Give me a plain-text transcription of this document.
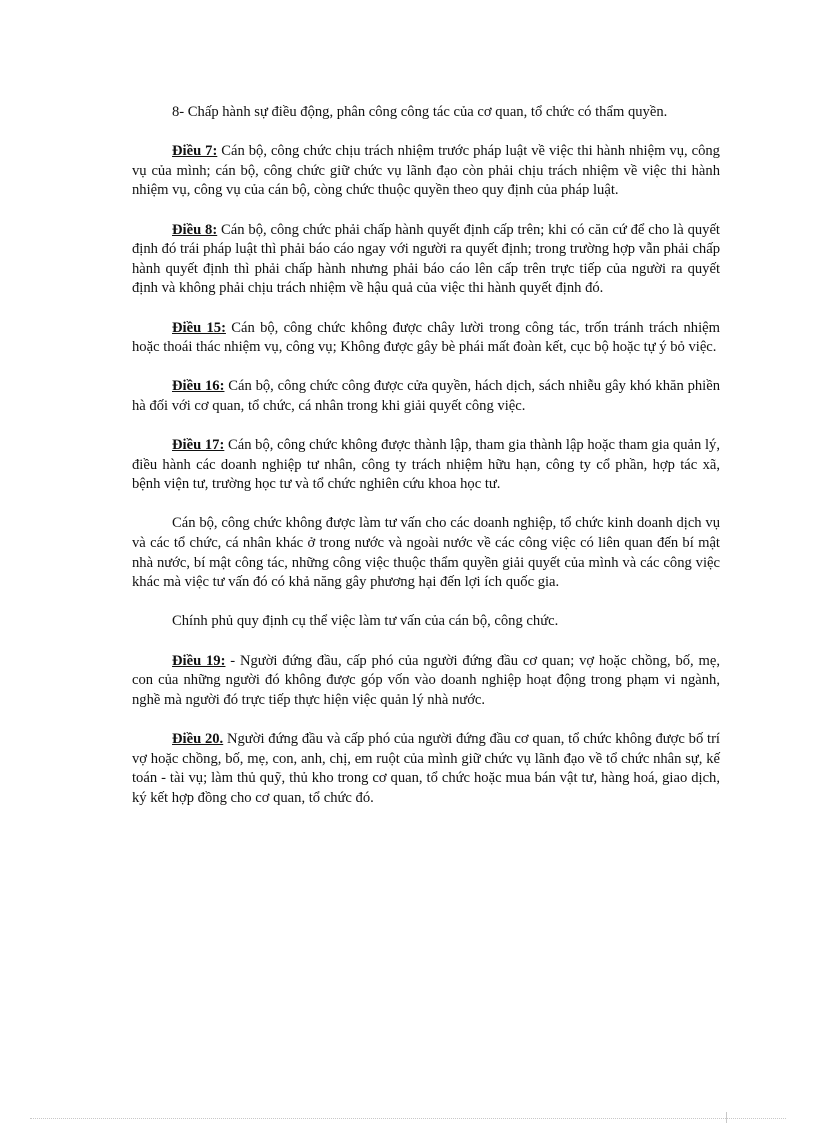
8- Chấp hành sự điều động, phân công công tác của cơ quan, tổ chức có thẩm quyền.

Điều 7: Cán bộ, công chức chịu trách nhiệm trước pháp luật về việc thi hành nhiệm vụ, công vụ của mình; cán bộ, công chức giữ chức vụ lãnh đạo còn phải chịu trách nhiệm về việc thi hành nhiệm vụ, công vụ của cán bộ, còng chức thuộc quyền theo quy định của pháp luật.

Điều 8: Cán bộ, công chức phải chấp hành quyết định cấp trên; khi có căn cứ để cho là quyết định đó trái pháp luật thì phải báo cáo ngay với người ra quyết định; trong trường hợp vẫn phải chấp hành quyết định thì phải chấp hành nhưng phải báo cáo lên cấp trên trực tiếp của người ra quyết định và không phải chịu trách nhiệm về hậu quả của việc thi hành quyết định đó.

Điều 15: Cán bộ, công chức không được chây lười trong công tác, trốn tránh trách nhiệm hoặc thoái thác nhiệm vụ, công vụ; Không được gây bè phái mất đoàn kết, cục bộ hoặc tự ý bỏ việc.

Điều 16: Cán bộ, công chức công được cửa quyền, hách dịch, sách nhiễu gây khó khăn phiền hà đối với cơ quan, tổ chức, cá nhân trong khi giải quyết công việc.

Điều 17: Cán bộ, công chức không được thành lập, tham gia thành lập hoặc tham gia quản lý, điều hành các doanh nghiệp tư nhân, công ty trách nhiệm hữu hạn, công ty cổ phần, hợp tác xã, bệnh viện tư, trường học tư và tổ chức nghiên cứu khoa học tư.

Cán bộ, công chức không được làm tư vấn cho các doanh nghiệp, tổ chức kinh doanh dịch vụ và các tổ chức, cá nhân khác ở trong nước và ngoài nước về các công việc có liên quan đến bí mật nhà nước, bí mật công tác, những công việc thuộc thẩm quyền giải quyết của mình và các công việc khác mà việc tư vấn đó có khả năng gây phương hại đến lợi ích quốc gia.

Chính phủ quy định cụ thể việc làm tư vấn của cán bộ, công chức.

Điều 19: - Người đứng đầu, cấp phó của người đứng đầu cơ quan; vợ hoặc chồng, bố, mẹ, con của những người đó không được góp vốn vào doanh nghiệp hoạt động trong phạm vi ngành, nghề mà người đó trực tiếp thực hiện việc quản lý nhà nước.

Điều 20. Người đứng đầu và cấp phó của người đứng đầu cơ quan, tổ chức không được bố trí vợ hoặc chồng, bố, mẹ, con, anh, chị, em ruột của mình giữ chức vụ lãnh đạo về tổ chức nhân sự, kế toán - tài vụ; làm thủ quỹ, thủ kho trong cơ quan, tổ chức hoặc mua bán vật tư, hàng hoá, giao dịch, ký kết hợp đồng cho cơ quan, tổ chức đó.
